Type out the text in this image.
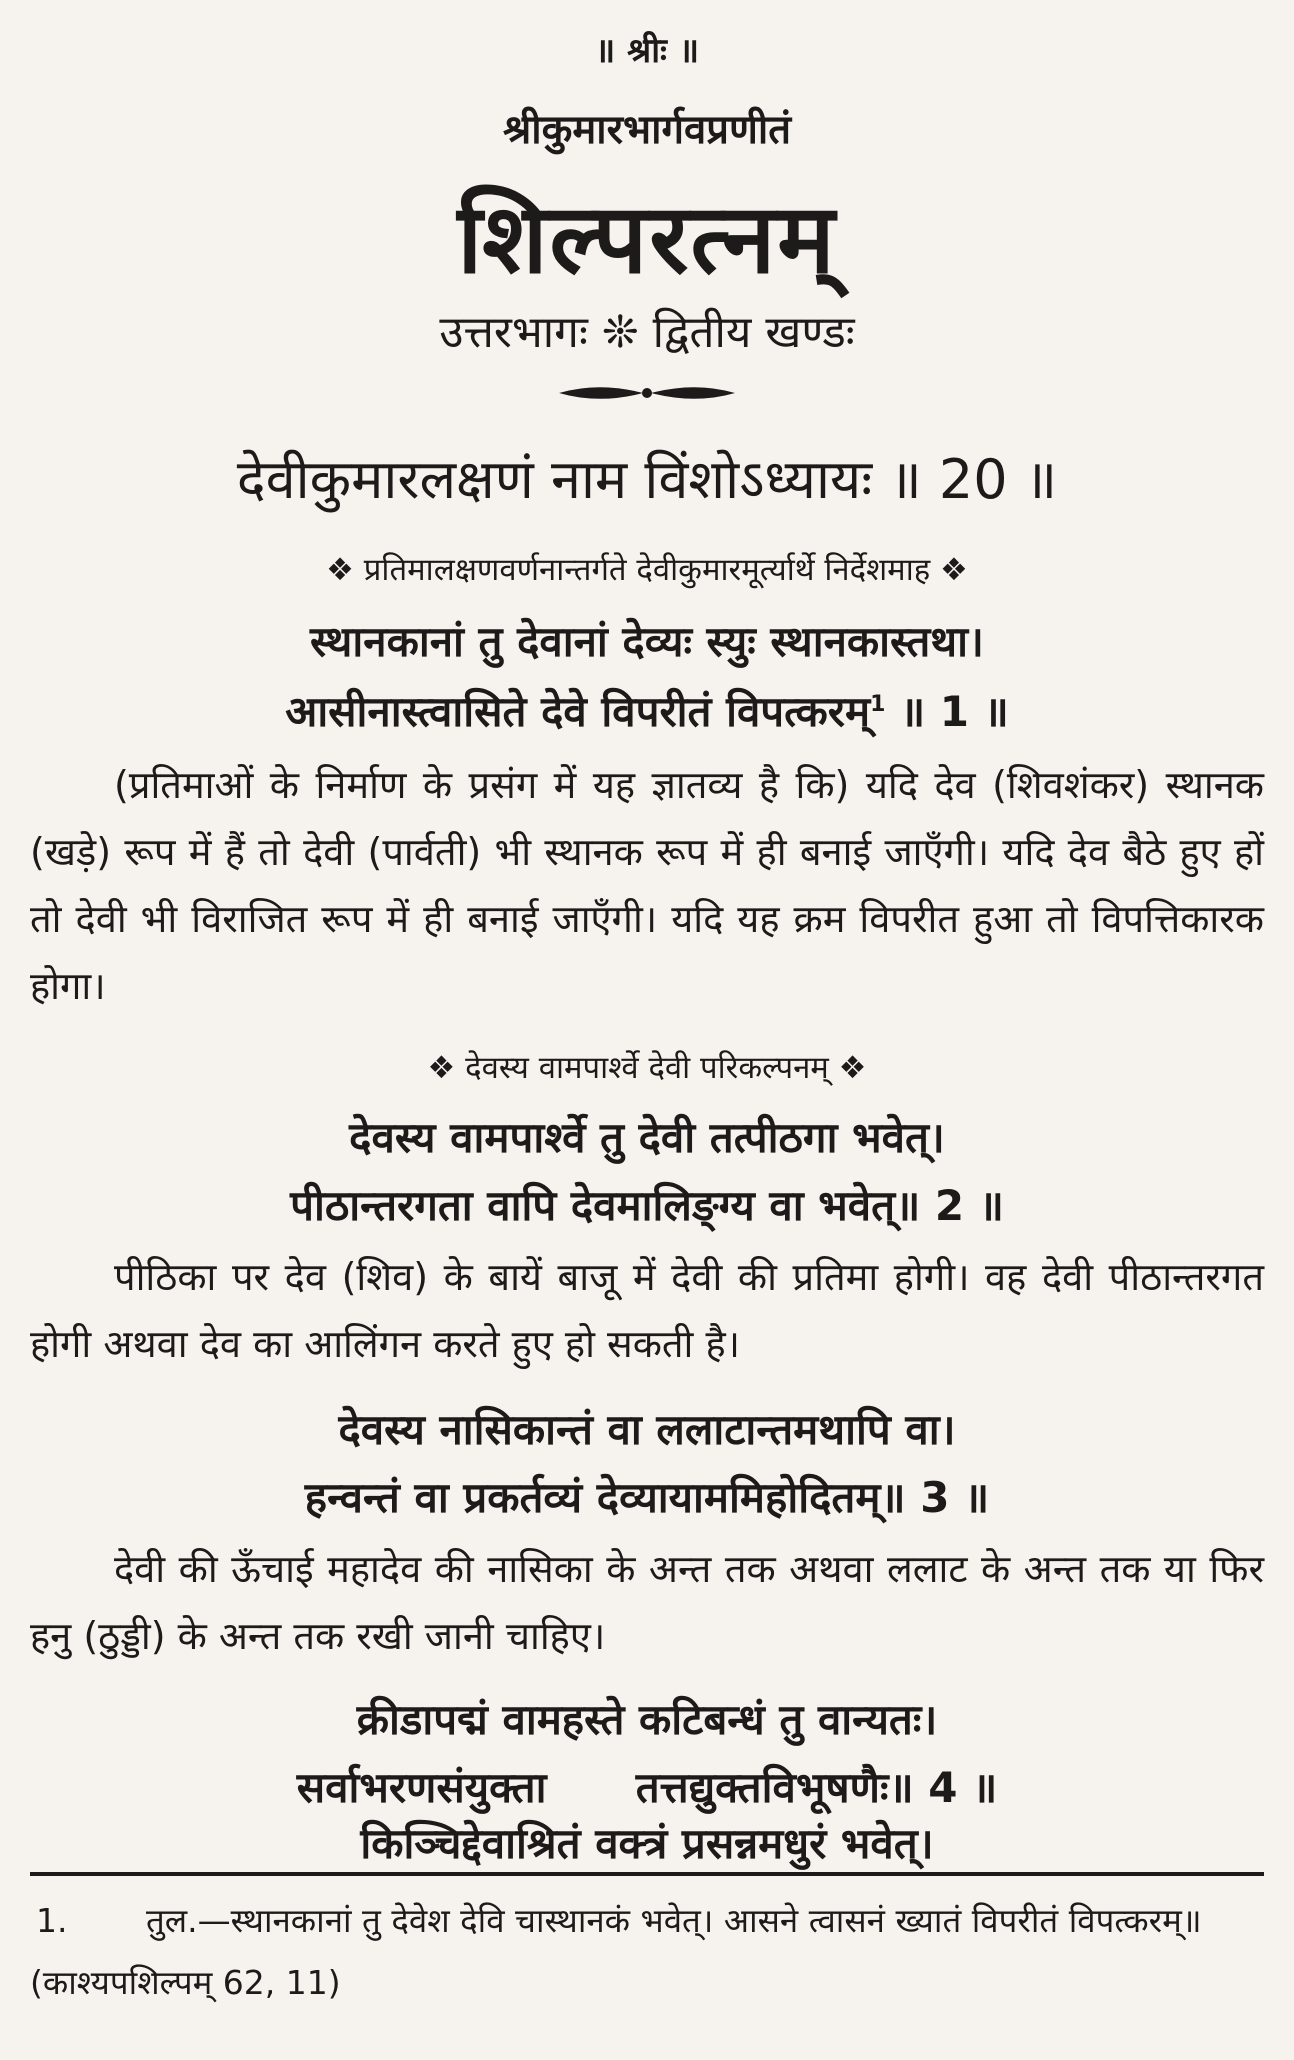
॥ श्रीः ॥
श्रीकुमारभार्गवप्रणीतं
शिल्परत्नम्
उत्तरभागः ❊ द्वितीय खण्डः
देवीकुमारलक्षणं नाम विंशोऽध्यायः ॥ 20 ॥
❖ प्रतिमालक्षणवर्णनान्तर्गते देवीकुमारमूर्त्यार्थे निर्देशमाह ❖
स्थानकानां तु देवानां देव्यः स्युः स्थानकास्तथा।
आसीनास्त्वासिते देवे विपरीतं विपत्करम्$^1$ ॥ 1 ॥
(प्रतिमाओं के निर्माण के प्रसंग में यह ज्ञातव्य है कि) यदि देव (शिवशंकर) स्थानक (खड़े) रूप में हैं तो देवी (पार्वती) भी स्थानक रूप में ही बनाई जाएँगी। यदि देव बैठे हुए हों तो देवी भी विराजित रूप में ही बनाई जाएँगी। यदि यह क्रम विपरीत हुआ तो विपत्तिकारक होगा।
❖ देवस्य वामपार्श्वे देवी परिकल्पनम् ❖
देवस्य वामपार्श्वे तु देवी तत्पीठगा भवेत्।
पीठान्तरगता वापि देवमालिङ्ग्य वा भवेत्॥ 2 ॥
पीठिका पर देव (शिव) के बायें बाजू में देवी की प्रतिमा होगी। वह देवी पीठान्तरगत होगी अथवा देव का आलिंगन करते हुए हो सकती है।
देवस्य नासिकान्तं वा ललाटान्तमथापि वा।
हन्वन्तं वा प्रकर्तव्यं देव्यायाममिहोदितम्॥ 3 ॥
देवी की ऊँचाई महादेव की नासिका के अन्त तक अथवा ललाट के अन्त तक या फिर हनु (ठुड्डी) के अन्त तक रखी जानी चाहिए।
क्रीडापद्मं वामहस्ते कटिबन्धं तु वान्यतः।
सर्वाभरणसंयुक्ता तत्तद्युक्तविभूषणैः॥ 4 ॥
किञ्चिद्देवाश्रितं वक्त्रं प्रसन्नमधुरं भवेत्।
1. तुल.—स्थानकानां तु देवेश देवि चास्थानकं भवेत्। आसने त्वासनं ख्यातं विपरीतं विपत्करम्॥ (काश्यपशिल्पम् 62, 11)
